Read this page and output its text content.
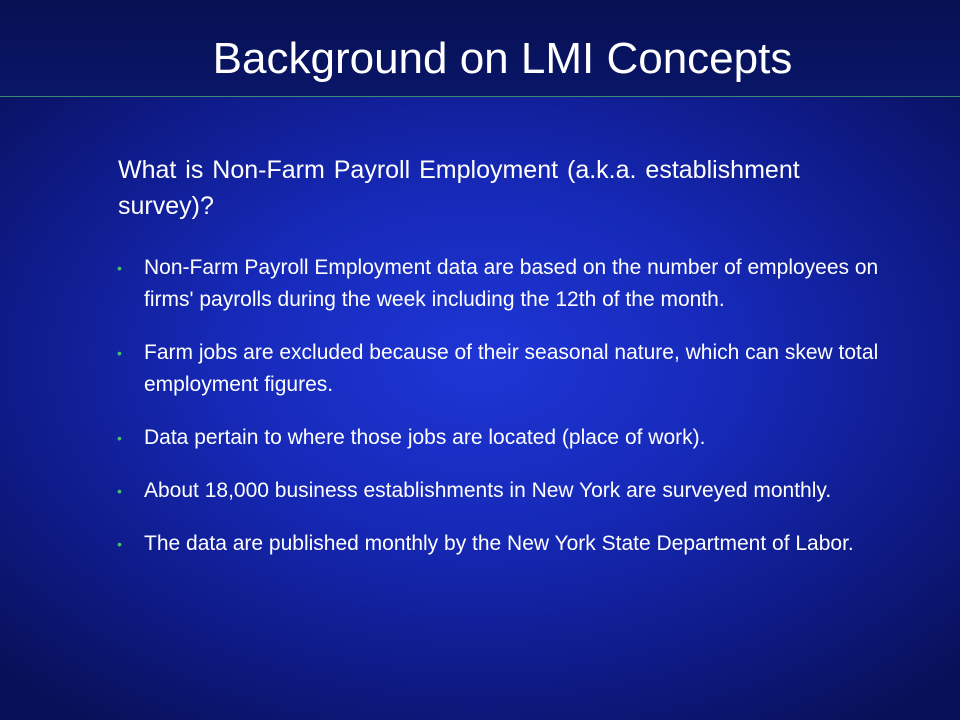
Background on LMI Concepts
What is Non-Farm Payroll Employment (a.k.a. establishment survey)?
• Non-Farm Payroll Employment data are based on the number of employees on firms' payrolls during the week including the 12th of the month.
• Farm jobs are excluded because of their seasonal nature, which can skew total employment figures.
• Data pertain to where those jobs are located (place of work).
• About 18,000 business establishments in New York are surveyed monthly.
• The data are published monthly by the New York State Department of Labor.
